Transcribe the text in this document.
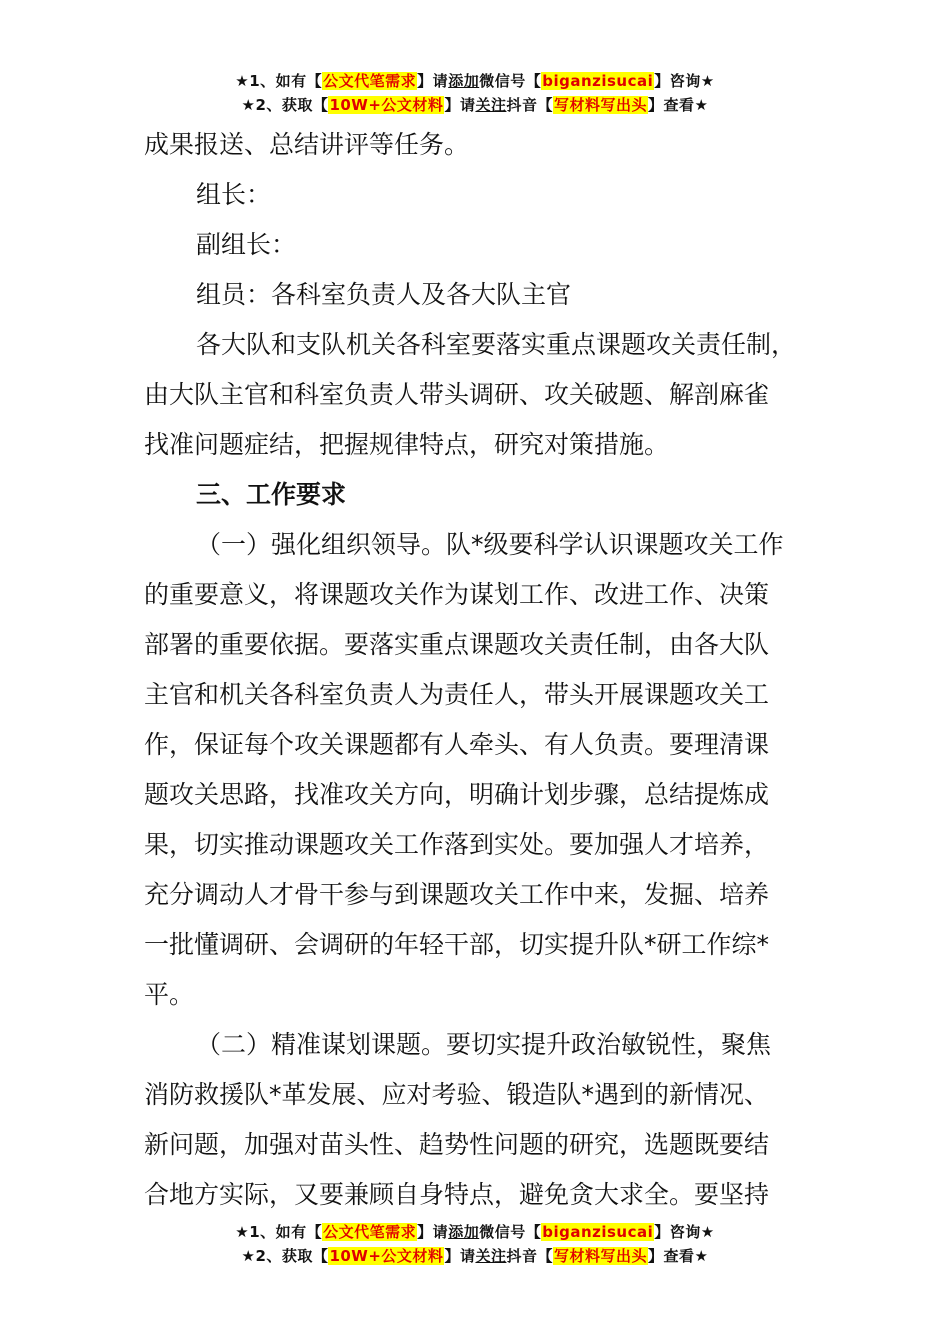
★1、如有【公文代笔需求】请添加微信号【biganzisucai】咨询★
★2、获取【10W+公文材料】请关注抖音【写材料写出头】查看★
成果报送、总结讲评等任务。
组长：
副组长：
组员：各科室负责人及各大队主官
各大队和支队机关各科室要落实重点课题攻关责任制，
由大队主官和科室负责人带头调研、攻关破题、解剖麻雀
找准问题症结，把握规律特点，研究对策措施。
三、工作要求
（一）强化组织领导。队*级要科学认识课题攻关工作
的重要意义，将课题攻关作为谋划工作、改进工作、决策
部署的重要依据。要落实重点课题攻关责任制，由各大队
主官和机关各科室负责人为责任人，带头开展课题攻关工
作，保证每个攻关课题都有人牵头、有人负责。要理清课
题攻关思路，找准攻关方向，明确计划步骤，总结提炼成
果，切实推动课题攻关工作落到实处。要加强人才培养，
充分调动人才骨干参与到课题攻关工作中来，发掘、培养
一批懂调研、会调研的年轻干部，切实提升队*研工作综*
平。
（二）精准谋划课题。要切实提升政治敏锐性，聚焦
消防救援队*革发展、应对考验、锻造队*遇到的新情况、
新问题，加强对苗头性、趋势性问题的研究，选题既要结
合地方实际，又要兼顾自身特点，避免贪大求全。要坚持
★1、如有【公文代笔需求】请添加微信号【biganzisucai】咨询★
★2、获取【10W+公文材料】请关注抖音【写材料写出头】查看★
